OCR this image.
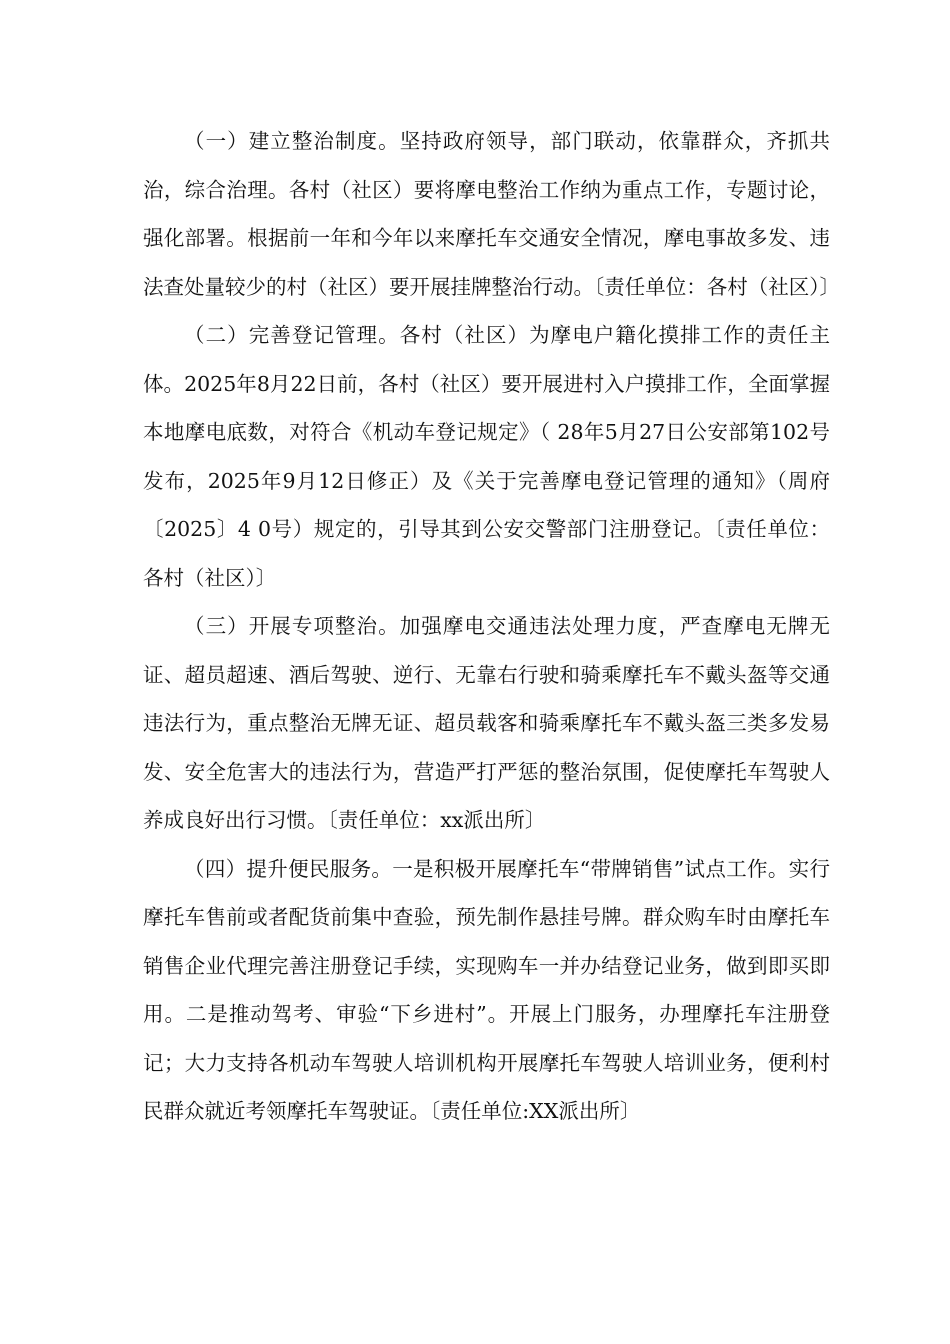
（一）建立整治制度。坚持政府领导，部门联动，依靠群众，齐抓共治，综合治理。各村（社区）要将摩电整治工作纳为重点工作，专题讨论，强化部署。根据前一年和今年以来摩托车交通安全情况，摩电事故多发、违法查处量较少的村（社区）要开展挂牌整治行动。〔责任单位：各村（社区）〕

（二）完善登记管理。各村（社区）为摩电户籍化摸排工作的责任主体。2025年8月22日前，各村（社区）要开展进村入户摸排工作，全面掌握本地摩电底数，对符合《机动车登记规定》（ 28年5月27日公安部第102号发布，2025年9月12日修正）及《关于完善摩电登记管理的通知》（周府〔2025〕4 0号）规定的，引导其到公安交警部门注册登记。〔责任单位：各村（社区）〕

（三）开展专项整治。加强摩电交通违法处理力度，严查摩电无牌无证、超员超速、酒后驾驶、逆行、无靠右行驶和骑乘摩托车不戴头盔等交通违法行为，重点整治无牌无证、超员载客和骑乘摩托车不戴头盔三类多发易发、安全危害大的违法行为，营造严打严惩的整治氛围，促使摩托车驾驶人养成良好出行习惯。〔责任单位：xx派出所〕

（四）提升便民服务。一是积极开展摩托车“带牌销售”试点工作。实行摩托车售前或者配货前集中查验，预先制作悬挂号牌。群众购车时由摩托车销售企业代理完善注册登记手续，实现购车一并办结登记业务，做到即买即用。二是推动驾考、审验“下乡进村”。开展上门服务，办理摩托车注册登记；大力支持各机动车驾驶人培训机构开展摩托车驾驶人培训业务，便利村民群众就近考领摩托车驾驶证。〔责任单位:XX派出所〕
